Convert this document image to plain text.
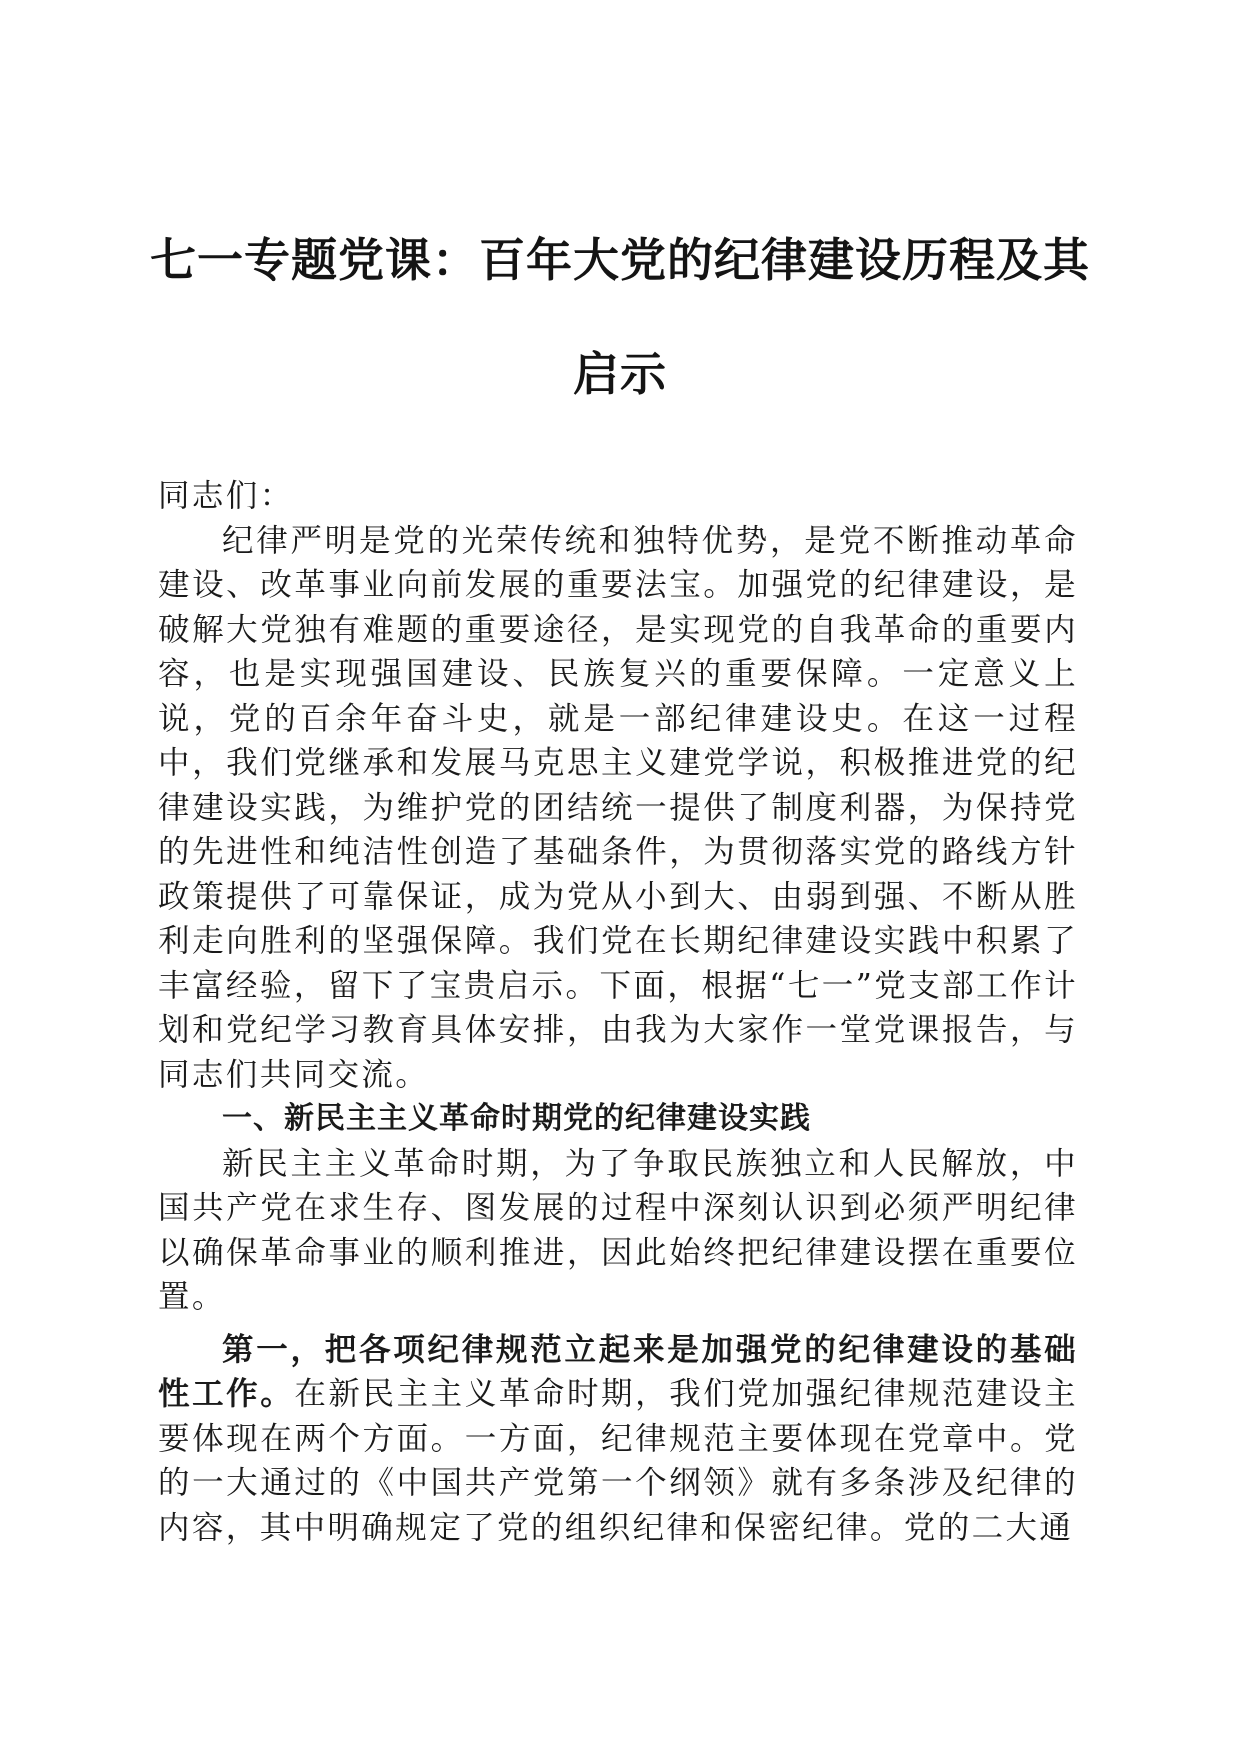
七一专题党课：百年大党的纪律建设历程及其
启示

同志们：

纪律严明是党的光荣传统和独特优势，是党不断推动革命建设、改革事业向前发展的重要法宝。加强党的纪律建设，是破解大党独有难题的重要途径，是实现党的自我革命的重要内容，也是实现强国建设、民族复兴的重要保障。一定意义上说，党的百余年奋斗史，就是一部纪律建设史。在这一过程中，我们党继承和发展马克思主义建党学说，积极推进党的纪律建设实践，为维护党的团结统一提供了制度利器，为保持党的先进性和纯洁性创造了基础条件，为贯彻落实党的路线方针政策提供了可靠保证，成为党从小到大、由弱到强、不断从胜利走向胜利的坚强保障。我们党在长期纪律建设实践中积累了丰富经验，留下了宝贵启示。下面，根据“七一”党支部工作计划和党纪学习教育具体安排，由我为大家作一堂党课报告，与同志们共同交流。

一、新民主主义革命时期党的纪律建设实践

新民主主义革命时期，为了争取民族独立和人民解放，中国共产党在求生存、图发展的过程中深刻认识到必须严明纪律以确保革命事业的顺利推进，因此始终把纪律建设摆在重要位置。

第一，把各项纪律规范立起来是加强党的纪律建设的基础性工作。在新民主主义革命时期，我们党加强纪律规范建设主要体现在两个方面。一方面，纪律规范主要体现在党章中。党的一大通过的《中国共产党第一个纲领》就有多条涉及纪律的内容，其中明确规定了党的组织纪律和保密纪律。党的二大通
